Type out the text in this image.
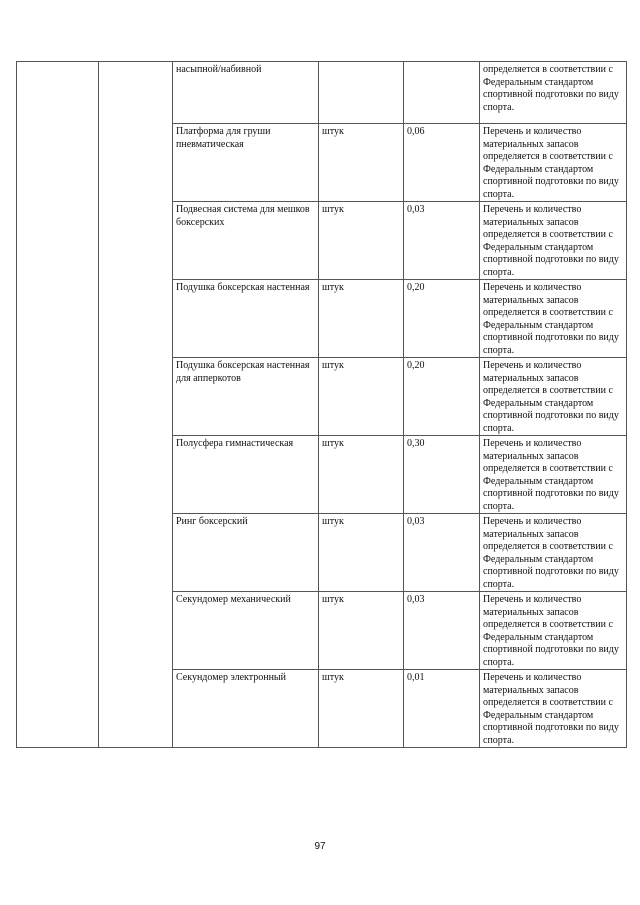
		насыпной/набивной			определяется в соответствии с Федеральным стандартом спортивной подготовки по виду спорта.
		Платформа для груши пневматическая	штук	0,06	Перечень и количество материальных запасов определяется в соответствии с Федеральным стандартом спортивной подготовки по виду спорта.
		Подвесная система для мешков боксерских	штук	0,03	Перечень и количество материальных запасов определяется в соответствии с Федеральным стандартом спортивной подготовки по виду спорта.
		Подушка боксерская настенная	штук	0,20	Перечень и количество материальных запасов определяется в соответствии с Федеральным стандартом спортивной подготовки по виду спорта.
		Подушка боксерская настенная для апперкотов	штук	0,20	Перечень и количество материальных запасов определяется в соответствии с Федеральным стандартом спортивной подготовки по виду спорта.
		Полусфера гимнастическая	штук	0,30	Перечень и количество материальных запасов определяется в соответствии с Федеральным стандартом спортивной подготовки по виду спорта.
		Ринг боксерский	штук	0,03	Перечень и количество материальных запасов определяется в соответствии с Федеральным стандартом спортивной подготовки по виду спорта.
		Секундомер механический	штук	0,03	Перечень и количество материальных запасов определяется в соответствии с Федеральным стандартом спортивной подготовки по виду спорта.
		Секундомер электронный	штук	0,01	Перечень и количество материальных запасов определяется в соответствии с Федеральным стандартом спортивной подготовки по виду спорта.
97
